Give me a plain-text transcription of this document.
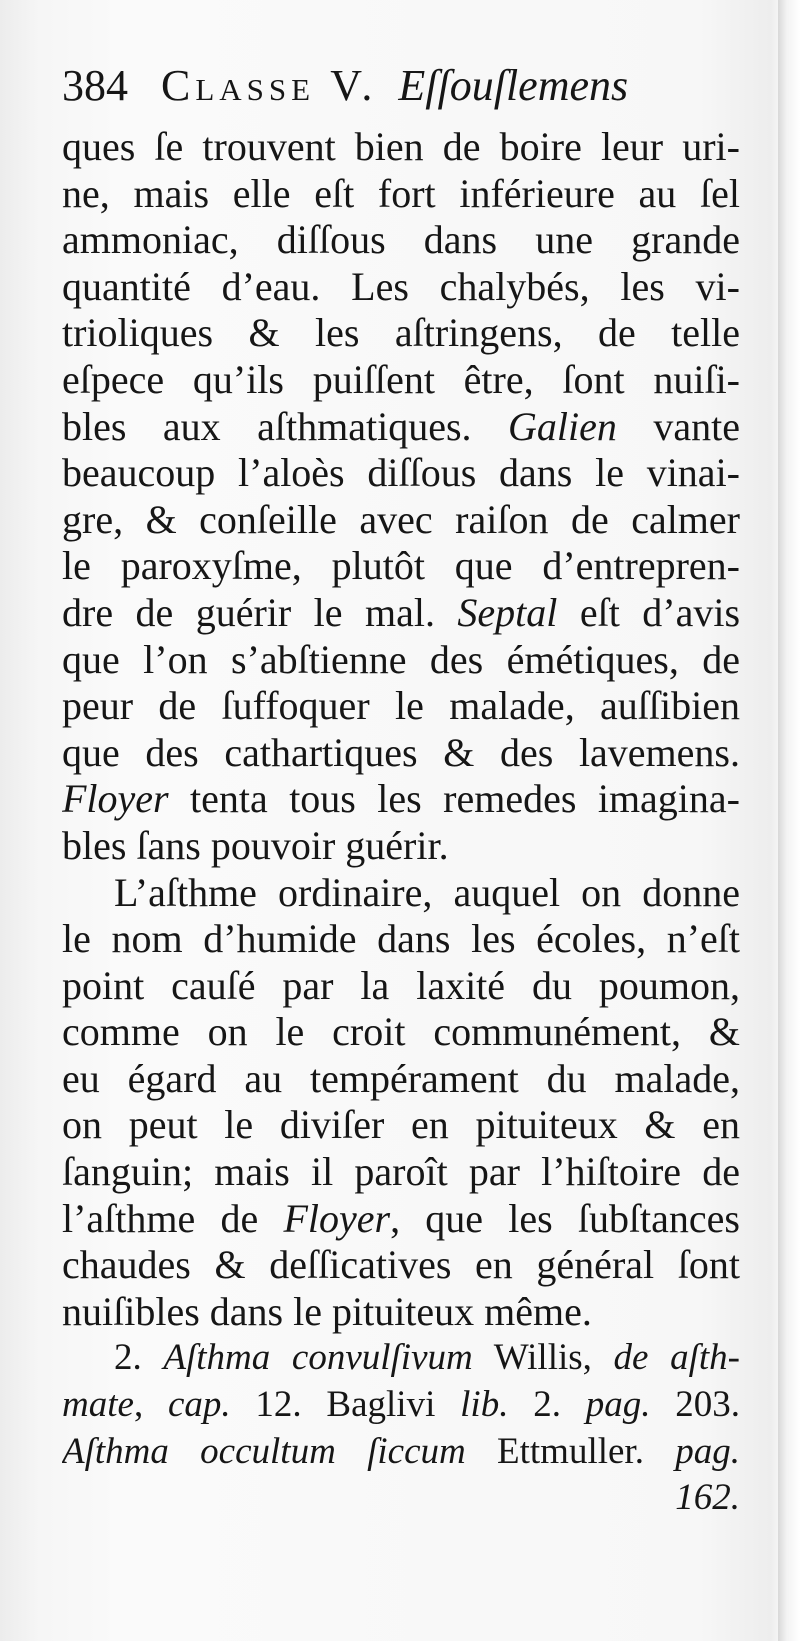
384 Classe V. Eſſouſlemens
ques ſe trouvent bien de boire leur uri-
ne, mais elle eſt fort inférieure au ſel
ammoniac, diſſous dans une grande
quantité d’eau. Les chalybés, les vi-
trioliques & les aſtringens, de telle
eſpece qu’ils puiſſent être, ſont nuiſi-
bles aux aſthmatiques. Galien vante
beaucoup l’aloès diſſous dans le vinai-
gre, & conſeille avec raiſon de calmer
le paroxyſme, plutôt que d’entrepren-
dre de guérir le mal. Septal eſt d’avis
que l’on s’abſtienne des émétiques, de
peur de ſuffoquer le malade, auſſibien
que des cathartiques & des lavemens.
Floyer tenta tous les remedes imagina-
bles ſans pouvoir guérir.
L’aſthme ordinaire, auquel on donne
le nom d’humide dans les écoles, n’eſt
point cauſé par la laxité du poumon,
comme on le croit communément, &
eu égard au tempérament du malade,
on peut le diviſer en pituiteux & en
ſanguin; mais il paroît par l’hiſtoire de
l’aſthme de Floyer, que les ſubſtances
chaudes & deſſicatives en général ſont
nuiſibles dans le pituiteux même.
2. Aſthma convulſivum Willis, de aſth-
mate, cap. 12. Baglivi lib. 2. pag. 203.
Aſthma occultum ſiccum Ettmuller. pag.
162.
